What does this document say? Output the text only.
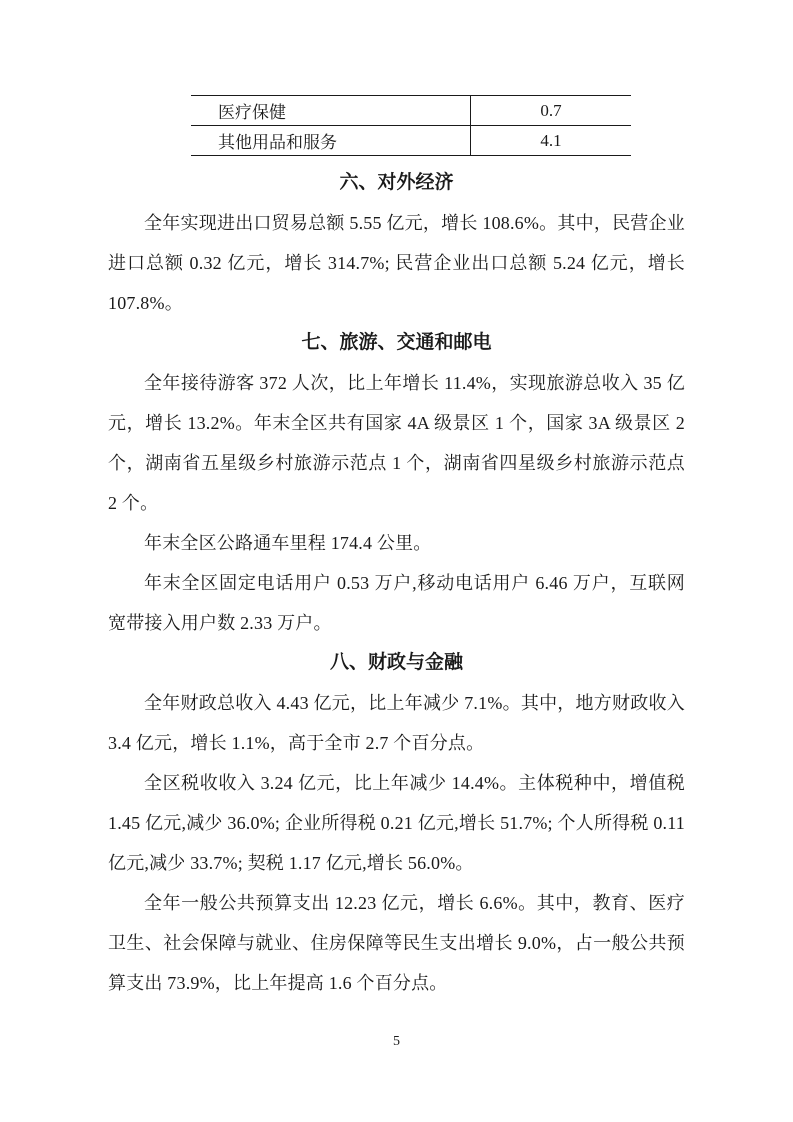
医疗保健	0.7
其他用品和服务	4.1
六、对外经济

全年实现进出口贸易总额 5.55 亿元，增长 108.6%。其中，民营企业进口总额 0.32 亿元，增长 314.7%; 民营企业出口总额 5.24 亿元，增长 107.8%。

七、旅游、交通和邮电

全年接待游客 372 人次，比上年增长 11.4%，实现旅游总收入 35 亿元，增长 13.2%。年末全区共有国家 4A 级景区 1 个，国家 3A 级景区 2 个，湖南省五星级乡村旅游示范点 1 个，湖南省四星级乡村旅游示范点 2 个。

年末全区公路通车里程 174.4 公里。

年末全区固定电话用户 0.53 万户,移动电话用户 6.46 万户，互联网宽带接入用户数 2.33 万户。

八、财政与金融

全年财政总收入 4.43 亿元，比上年减少 7.1%。其中，地方财政收入 3.4 亿元，增长 1.1%，高于全市 2.7 个百分点。

全区税收收入 3.24 亿元，比上年减少 14.4%。主体税种中，增值税 1.45 亿元,减少 36.0%; 企业所得税 0.21 亿元,增长 51.7%; 个人所得税 0.11 亿元,减少 33.7%; 契税 1.17 亿元,增长 56.0%。

全年一般公共预算支出 12.23 亿元，增长 6.6%。其中，教育、医疗卫生、社会保障与就业、住房保障等民生支出增长 9.0%，占一般公共预算支出 73.9%，比上年提高 1.6 个百分点。

5
